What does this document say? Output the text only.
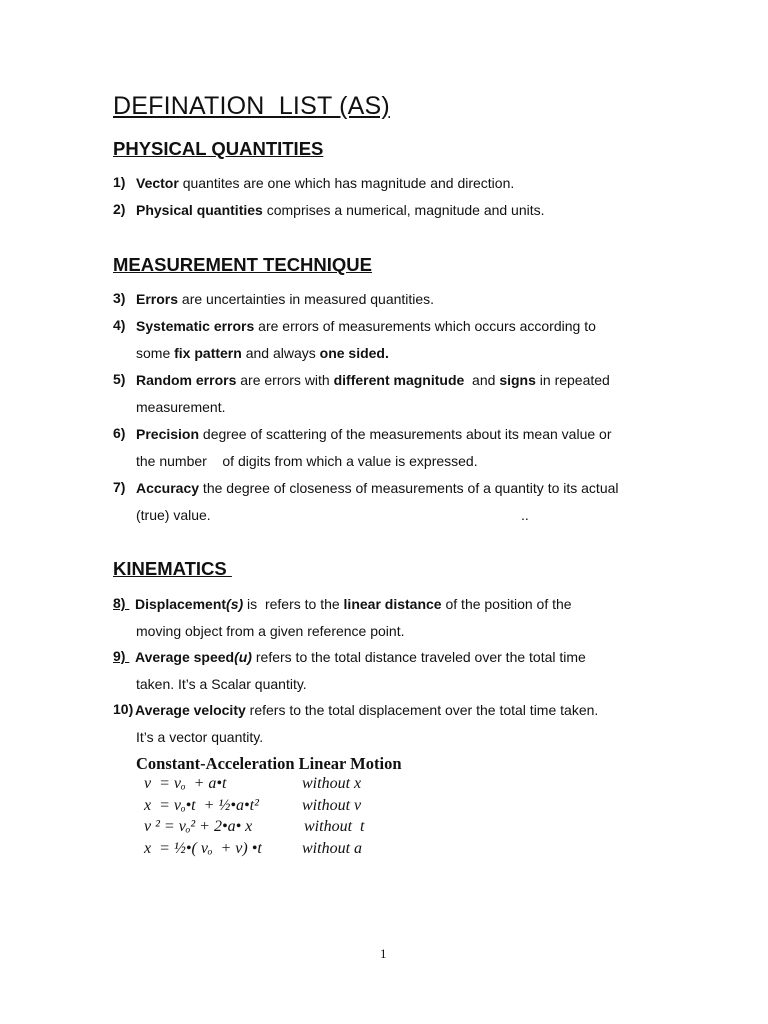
DEFINATION  LIST (AS)
PHYSICAL QUANTITIES
1) Vector quantites are one which has magnitude and direction.
2) Physical quantities comprises a numerical, magnitude and units.
MEASUREMENT TECHNIQUE
3) Errors are uncertainties in measured quantities.
4) Systematic errors are errors of measurements which occurs according to
some fix pattern and always one sided.
5) Random errors are errors with different magnitude  and signs in repeated
measurement.
6) Precision degree of scattering of the measurements about its mean value or
the number    of digits from which a value is expressed.
7) Accuracy the degree of closeness of measurements of a quantity to its actual
(true) value.	..
KINEMATICS
8) Displacement(s) is  refers to the linear distance of the position of the
moving object from a given reference point.
9) Average speed(u) refers to the total distance traveled over the total time
taken. It’s a Scalar quantity.
10) Average velocity refers to the total displacement over the total time taken.
It’s a vector quantity.
Constant-Acceleration Linear Motion
v  = vₒ  + a•t	without x
x  = vₒ•t  + ½•a•t²	without v
v ² = vₒ² + 2•a• x	without  t
x  = ½•( vₒ  + v) •t	without a
1
